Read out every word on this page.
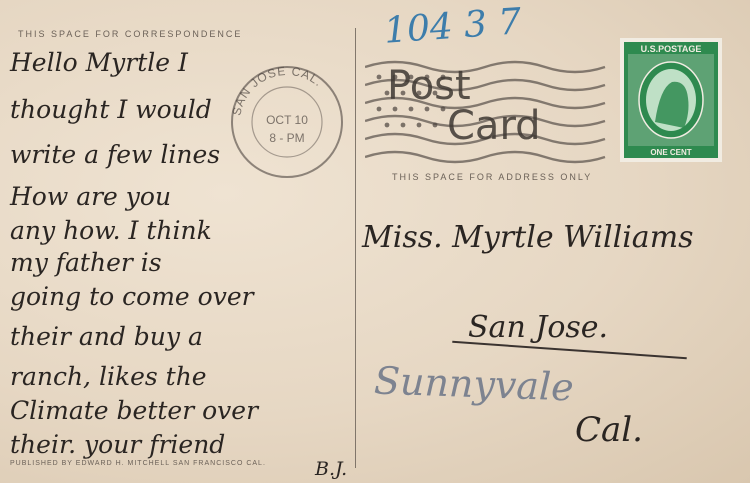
THIS SPACE FOR CORRESPONDENCE
THIS SPACE FOR ADDRESS ONLY
PUBLISHED BY EDWARD H. MITCHELL SAN FRANCISCO CAL.
Hello Myrtle I
thought I would
write a few lines
How are you
any how. I think
my father is
going to come over
their and buy a
ranch, likes the
Climate better over
their. your friend
B.J.
SAN JOSE CAL.
OCT 10
8 - PM
Post
Card
104 3 7	U.S.POSTAGE
ONE CENT
Miss. Myrtle Williams
San Jose.
Sunnyvale
Cal.
